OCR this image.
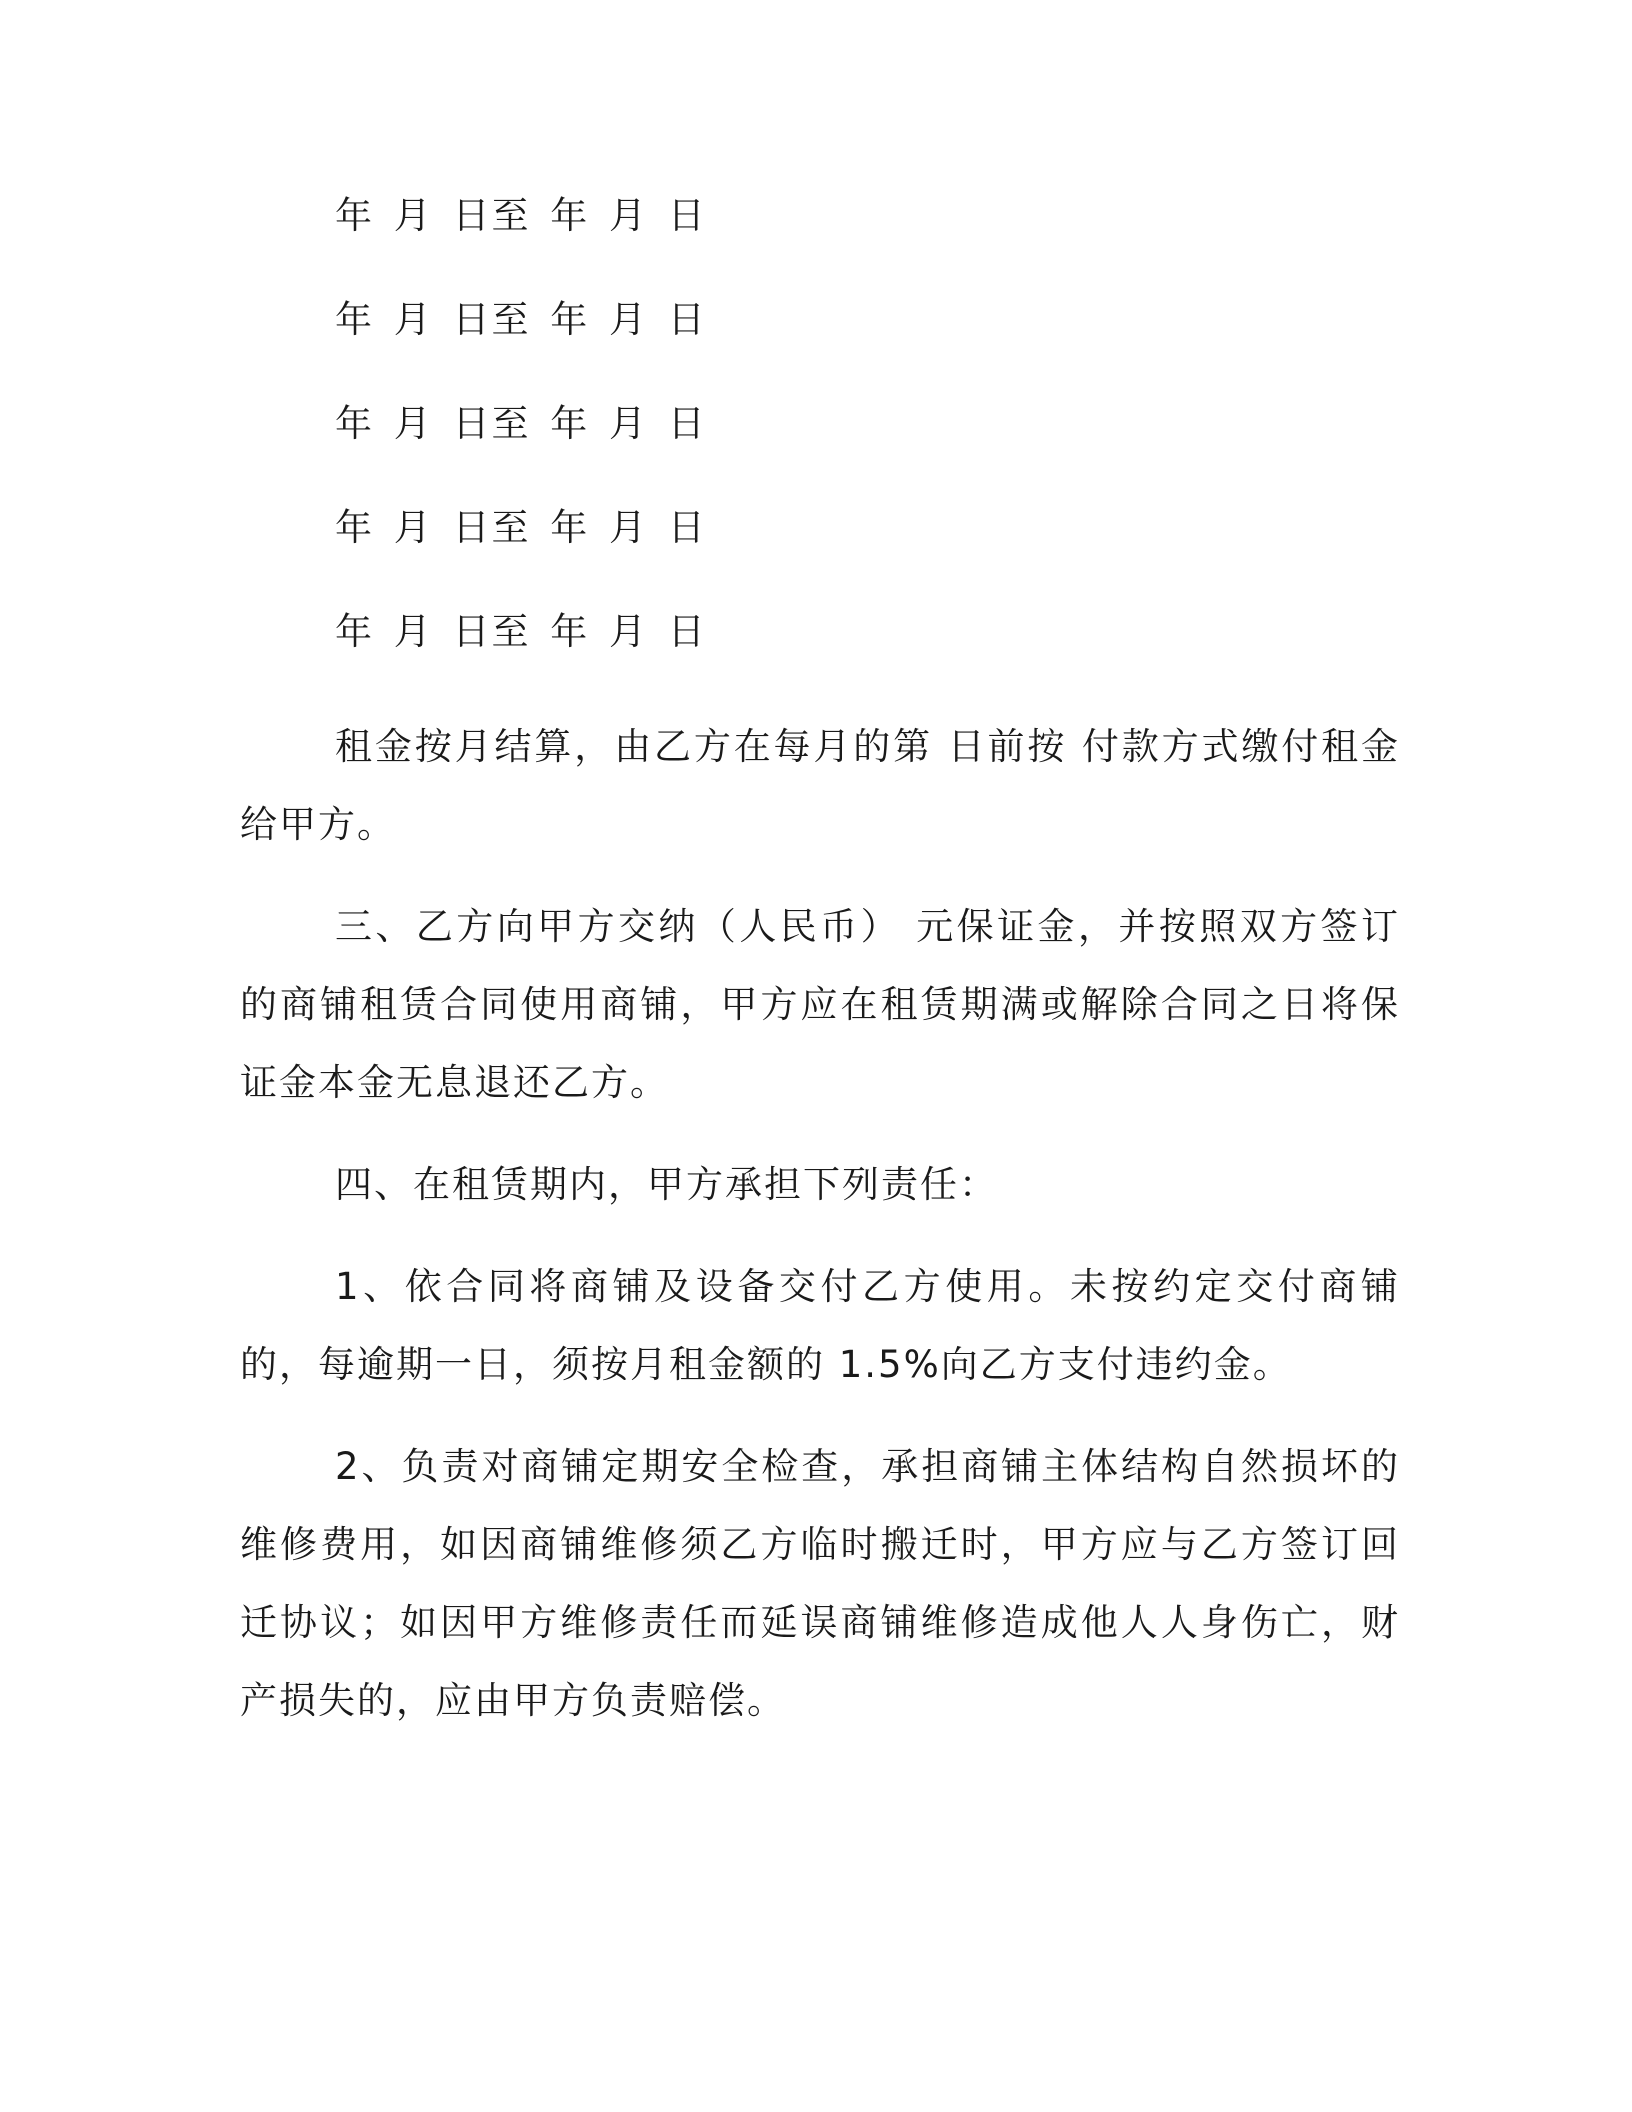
年 月 日至 年 月 日
年 月 日至 年 月 日
年 月 日至 年 月 日
年 月 日至 年 月 日
年 月 日至 年 月 日

租金按月结算，由乙方在每月的第 日前按 付款方式缴付租金给甲方。

三、乙方向甲方交纳（人民币） 元保证金，并按照双方签订的商铺租赁合同使用商铺，甲方应在租赁期满或解除合同之日将保证金本金无息退还乙方。

四、在租赁期内，甲方承担下列责任：

1、依合同将商铺及设备交付乙方使用。未按约定交付商铺的，每逾期一日，须按月租金额的 1.5%向乙方支付违约金。

2、负责对商铺定期安全检查，承担商铺主体结构自然损坏的维修费用，如因商铺维修须乙方临时搬迁时，甲方应与乙方签订回迁协议；如因甲方维修责任而延误商铺维修造成他人人身伤亡，财产损失的，应由甲方负责赔偿。
